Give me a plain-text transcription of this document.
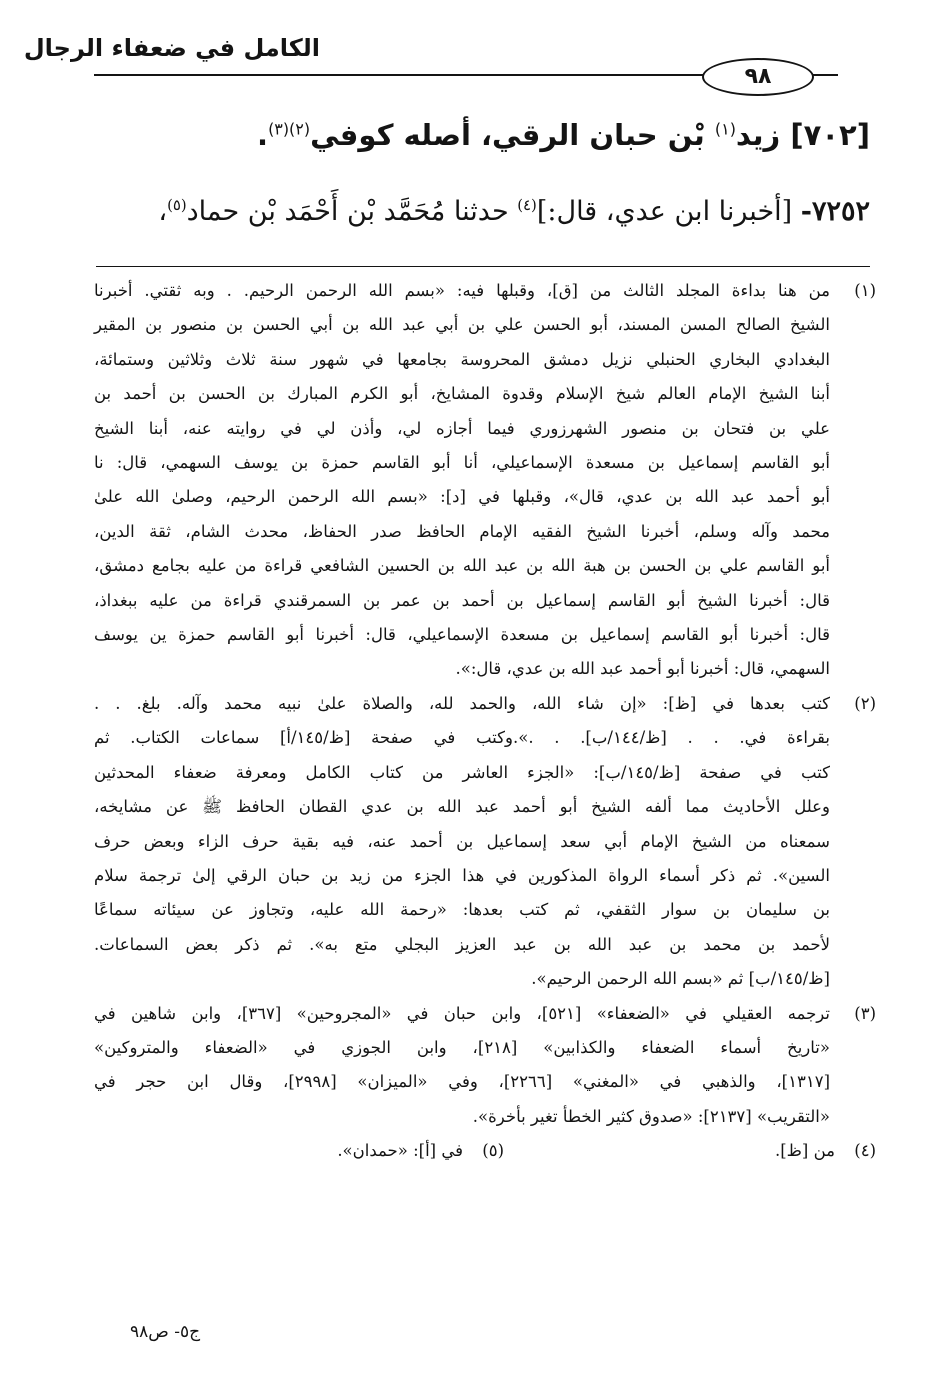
الكامل في ضعفاء الرجال
٩٨
[٧٠٢] زيد$^{(١)}$ بْن حبان الرقي، أصله كوفي$^{(٢)(٣)}$.
٧٢٥٢- [أخبرنا ابن عدي، قال:]$^{(٤)}$ حدثنا مُحَمَّد بْن أَحْمَد بْن حماد$^{(٥)}$،
(١)
من هنا بداءة المجلد الثالث من [ق]، وقبلها فيه: «بسم الله الرحمن الرحيم. . وبه ثقتي. أخبرنا
الشيخ الصالح المسن المسند، أبو الحسن علي بن أبي عبد الله بن أبي الحسن بن منصور بن المقير
البغدادي البخاري الحنبلي نزيل دمشق المحروسة بجامعها في شهور سنة ثلاث وثلاثين وستمائة،
أبنا الشيخ الإمام العالم شيخ الإسلام وقدوة المشايخ، أبو الكرم المبارك بن الحسن بن أحمد بن
علي بن فتحان بن منصور الشهرزوري فيما أجازه لي، وأذن لي في روايته عنه، أبنا الشيخ
أبو القاسم إسماعيل بن مسعدة الإسماعيلي، أنا أبو القاسم حمزة بن يوسف السهمي، قال: نا
أبو أحمد عبد الله بن عدي، قال»، وقبلها في [د]: «بسم الله الرحمن الرحيم، وصلىٰ الله علىٰ
محمد وآله وسلم، أخبرنا الشيخ الفقيه الإمام الحافظ صدر الحفاظ، محدث الشام، ثقة الدين،
أبو القاسم علي بن الحسن بن هبة الله بن عبد الله بن الحسين الشافعي قراءة من عليه بجامع دمشق،
قال: أخبرنا الشيخ أبو القاسم إسماعيل بن أحمد بن عمر بن السمرقندي قراءة من عليه ببغداذ،
قال: أخبرنا أبو القاسم إسماعيل بن مسعدة الإسماعيلي، قال: أخبرنا أبو القاسم حمزة ين يوسف
السهمي، قال: أخبرنا أبو أحمد عبد الله بن عدي، قال:».
(٢)
كتب بعدها في [ظ]: «إن شاء الله، والحمد لله، والصلاة علىٰ نبيه محمد وآله. بلغ. . .
بقراءة في. . . [ظ/١٤٤/ب]. . .».وكتب في صفحة [ظ/١٤٥/أ] سماعات الكتاب. ثم
كتب في صفحة [ظ/١٤٥/ب]: «الجزء العاشر من كتاب الكامل ومعرفة ضعفاء المحدثين
وعلل الأحاديث مما ألفه الشيخ أبو أحمد عبد الله بن عدي القطان الحافظ ﷺ عن مشايخه،
سمعناه من الشيخ الإمام أبي سعد إسماعيل بن أحمد عنه، فيه بقية حرف الزاء وبعض حرف
السين». ثم ذكر أسماء الرواة المذكورين في هذا الجزء من زيد بن حبان الرقي إلىٰ ترجمة سلام
بن سليمان بن سوار الثقفي، ثم كتب بعدها: «رحمة الله عليه، وتجاوز عن سيئاته سماعًا
لأحمد بن محمد بن عبد الله بن عبد العزيز البجلي متع به». ثم ذكر بعض السماعات.
[ظ/١٤٥/ب] ثم «بسم الله الرحمن الرحيم».
(٣)
ترجمه العقيلي في «الضعفاء» [٥٢١]، وابن حبان في «المجروحين» [٣٦٧]، وابن شاهين في
«تاريخ أسماء الضعفاء والكذابين» [٢١٨]، وابن الجوزي في «الضعفاء والمتروكين»
[١٣١٧]، والذهبي في «المغني» [٢٢٦٦]، وفي «الميزان» [٢٩٩٨]، وقال ابن حجر في
«التقريب» [٢١٣٧]: «صدوق كثير الخطأ تغير بأخرة».
(٤) من [ظ].
(٥) في [أ]: «حمدان».
ج٥- ص٩٨
